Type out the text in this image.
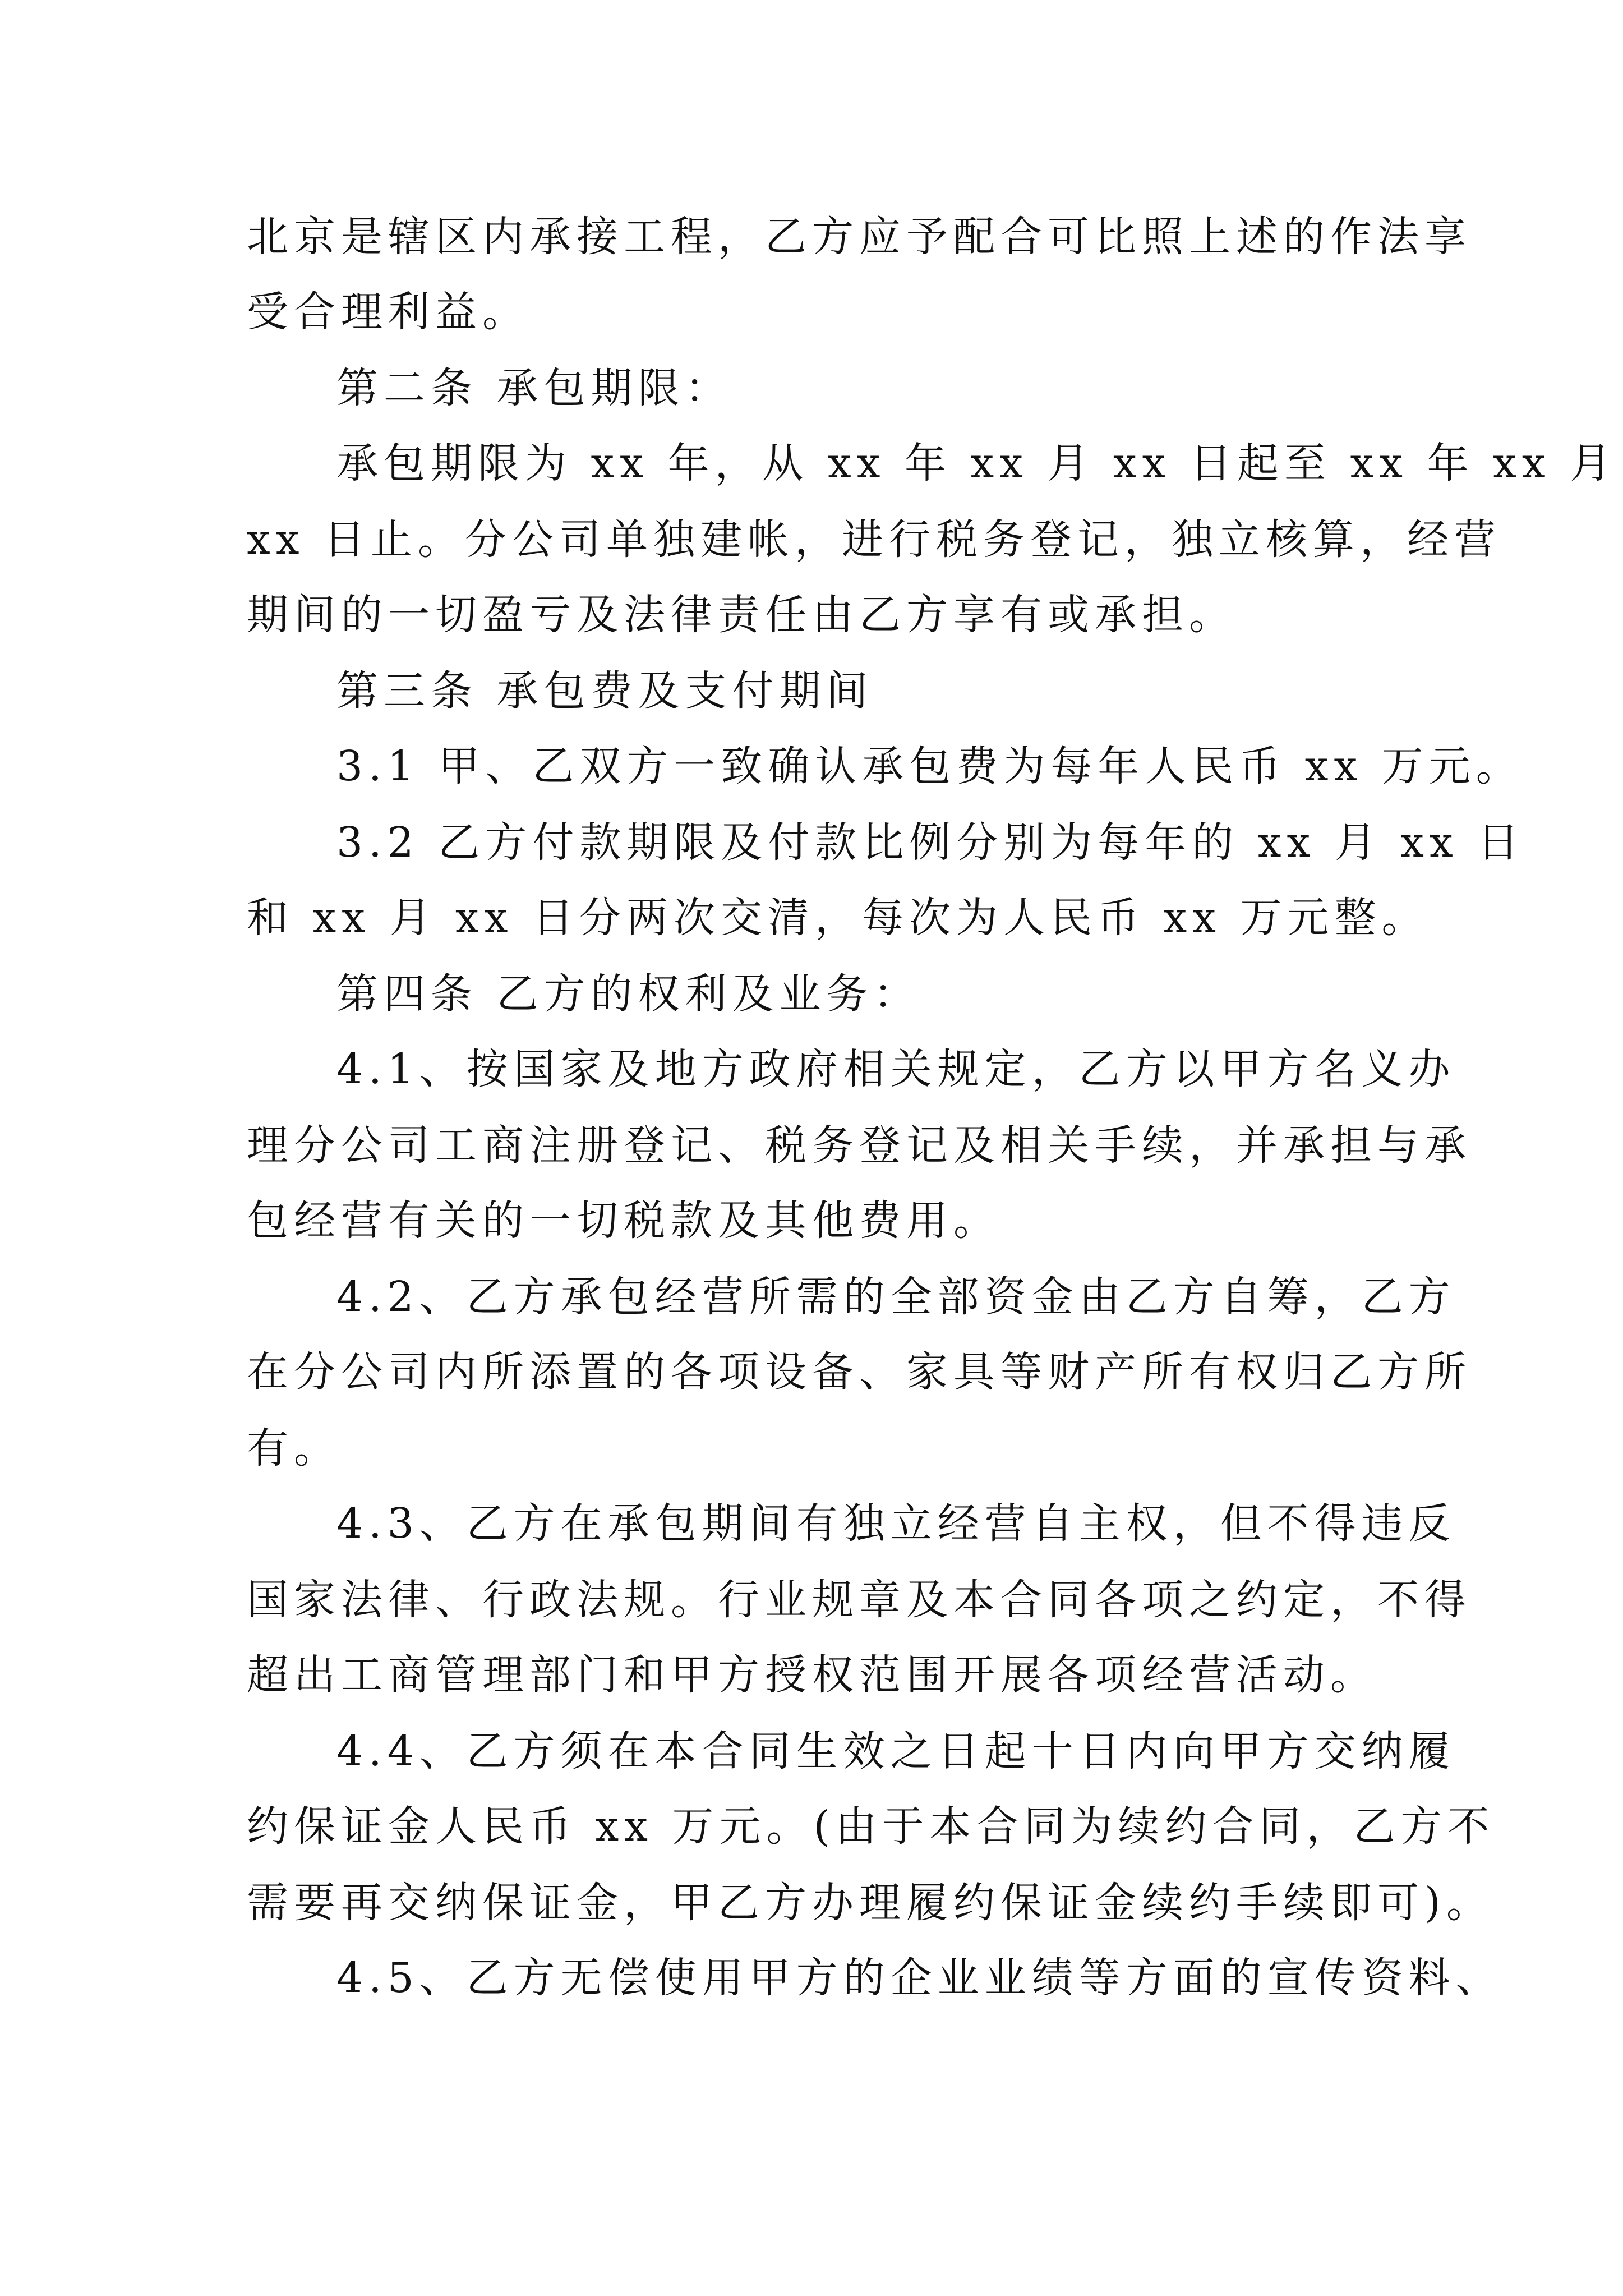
北京是辖区内承接工程，乙方应予配合可比照上述的作法享
受合理利益。
第二条 承包期限：
承包期限为 xx 年，从 xx 年 xx 月 xx 日起至 xx 年 xx 月
xx 日止。分公司单独建帐，进行税务登记，独立核算，经营
期间的一切盈亏及法律责任由乙方享有或承担。
第三条 承包费及支付期间
3.1 甲、乙双方一致确认承包费为每年人民币 xx 万元。
3.2 乙方付款期限及付款比例分别为每年的 xx 月 xx 日
和 xx 月 xx 日分两次交清，每次为人民币 xx 万元整。
第四条 乙方的权利及业务：
4.1、按国家及地方政府相关规定，乙方以甲方名义办
理分公司工商注册登记、税务登记及相关手续，并承担与承
包经营有关的一切税款及其他费用。
4.2、乙方承包经营所需的全部资金由乙方自筹，乙方
在分公司内所添置的各项设备、家具等财产所有权归乙方所
有。
4.3、乙方在承包期间有独立经营自主权，但不得违反
国家法律、行政法规。行业规章及本合同各项之约定，不得
超出工商管理部门和甲方授权范围开展各项经营活动。
4.4、乙方须在本合同生效之日起十日内向甲方交纳履
约保证金人民币 xx 万元。(由于本合同为续约合同，乙方不
需要再交纳保证金，甲乙方办理履约保证金续约手续即可)。
4.5、乙方无偿使用甲方的企业业绩等方面的宣传资料、
